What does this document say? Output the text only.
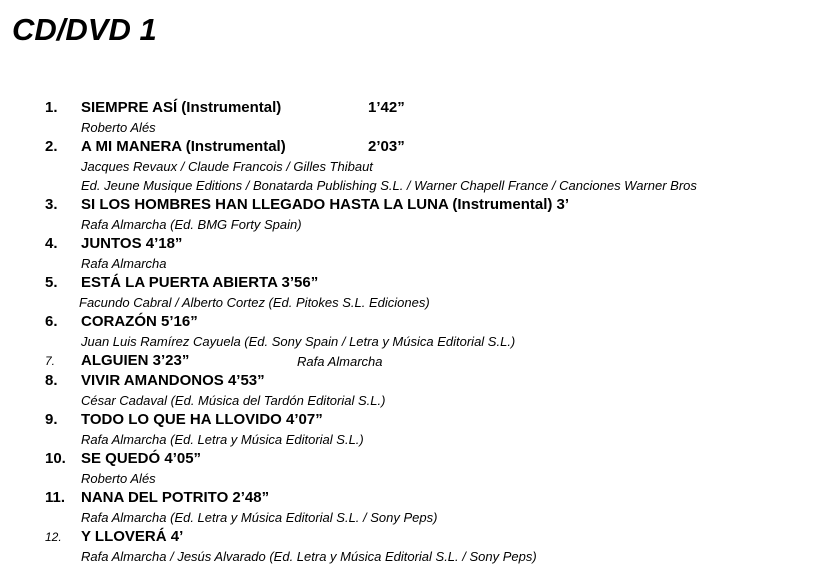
CD/DVD 1
1. SIEMPRE ASÍ (Instrumental)	1’42”
Roberto Alés
2. A MI MANERA (Instrumental)	2’03”
Jacques Revaux / Claude Francois / Gilles Thibaut
Ed. Jeune Musique Editions / Bonatarda Publishing S.L. / Warner Chapell France / Canciones Warner Bros
3. SI LOS HOMBRES HAN LLEGADO HASTA LA LUNA (Instrumental) 3’
Rafa Almarcha (Ed. BMG Forty Spain)
4. JUNTOS 4’18”
Rafa Almarcha
5. ESTÁ LA PUERTA ABIERTA 3’56”
Facundo Cabral / Alberto Cortez (Ed. Pitokes S.L. Ediciones)
6. CORAZÓN 5’16”
Juan Luis Ramírez Cayuela (Ed. Sony Spain / Letra y Música Editorial S.L.)
7. ALGUIEN 3’23”	Rafa Almarcha
8. VIVIR AMANDONOS 4’53”
César Cadaval (Ed. Música del Tardón Editorial S.L.)
9. TODO LO QUE HA LLOVIDO 4’07”
Rafa Almarcha (Ed. Letra y Música Editorial S.L.)
10. SE QUEDÓ 4’05”
Roberto Alés
11. NANA DEL POTRITO 2’48”
Rafa Almarcha (Ed. Letra y Música Editorial S.L. / Sony Peps)
12. Y LLOVERÁ 4’
Rafa Almarcha / Jesús Alvarado (Ed. Letra y Música Editorial S.L. / Sony Peps)
